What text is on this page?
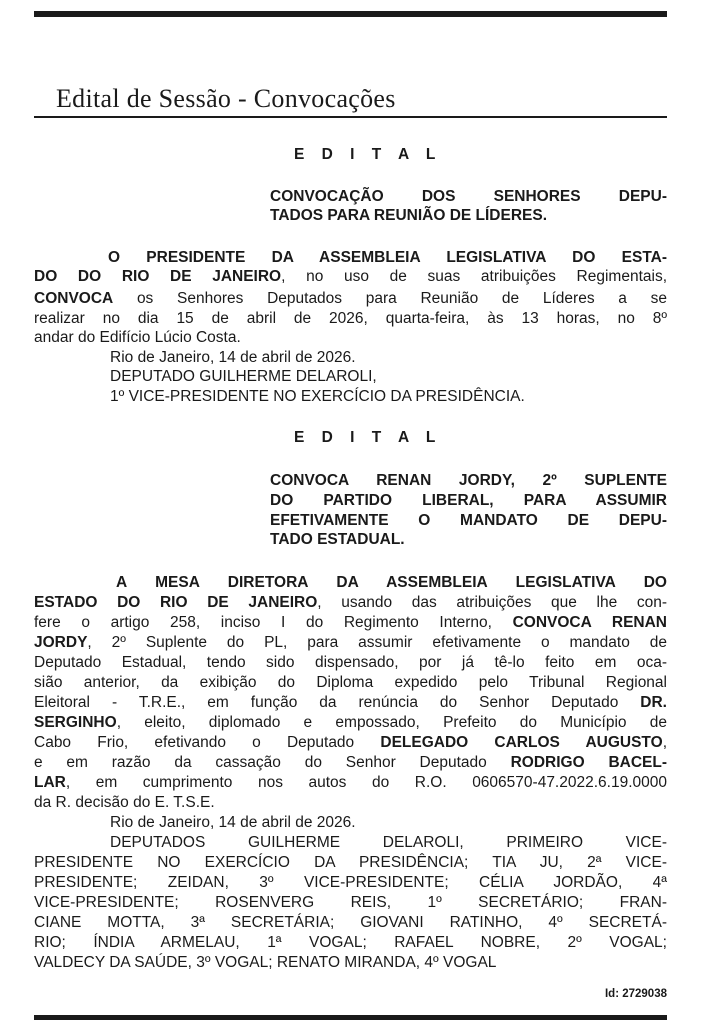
Edital de Sessão - Convocações
E D I T A L
CONVOCAÇÃO DOS SENHORES DEPU-
TADOS PARA REUNIÃO DE LÍDERES.
O PRESIDENTE DA ASSEMBLEIA LEGISLATIVA DO ESTA-
DO DO RIO DE JANEIRO, no uso de suas atribuições Regimentais,
CONVOCA os Senhores Deputados para Reunião de Líderes a se
realizar no dia 15 de abril de 2026, quarta-feira, às 13 horas, no 8º
andar do Edifício Lúcio Costa.
Rio de Janeiro, 14 de abril de 2026.
DEPUTADO GUILHERME DELAROLI,
1º VICE-PRESIDENTE NO EXERCÍCIO DA PRESIDÊNCIA.
E D I T A L
CONVOCA RENAN JORDY, 2º SUPLENTE
DO PARTIDO LIBERAL, PARA ASSUMIR
EFETIVAMENTE O MANDATO DE DEPU-
TADO ESTADUAL.
A MESA DIRETORA DA ASSEMBLEIA LEGISLATIVA DO
ESTADO DO RIO DE JANEIRO, usando das atribuições que lhe con-
fere o artigo 258, inciso I do Regimento Interno, CONVOCA RENAN
JORDY, 2º Suplente do PL, para assumir efetivamente o mandato de
Deputado Estadual, tendo sido dispensado, por já tê-lo feito em oca-
sião anterior, da exibição do Diploma expedido pelo Tribunal Regional
Eleitoral - T.R.E., em função da renúncia do Senhor Deputado DR.
SERGINHO, eleito, diplomado e empossado, Prefeito do Município de
Cabo Frio, efetivando o Deputado DELEGADO CARLOS AUGUSTO,
e em razão da cassação do Senhor Deputado RODRIGO BACEL-
LAR, em cumprimento nos autos do R.O. 0606570-47.2022.6.19.0000
da R. decisão do E. T.S.E.
Rio de Janeiro, 14 de abril de 2026.
DEPUTADOS GUILHERME DELAROLI, PRIMEIRO VICE-
PRESIDENTE NO EXERCÍCIO DA PRESIDÊNCIA; TIA JU, 2ª VICE-
PRESIDENTE; ZEIDAN, 3º VICE-PRESIDENTE; CÉLIA JORDÃO, 4ª
VICE-PRESIDENTE; ROSENVERG REIS, 1º SECRETÁRIO; FRAN-
CIANE MOTTA, 3ª SECRETÁRIA; GIOVANI RATINHO, 4º SECRETÁ-
RIO; ÍNDIA ARMELAU, 1ª VOGAL; RAFAEL NOBRE, 2º VOGAL;
VALDECY DA SAÚDE, 3º VOGAL; RENATO MIRANDA, 4º VOGAL
Id: 2729038
